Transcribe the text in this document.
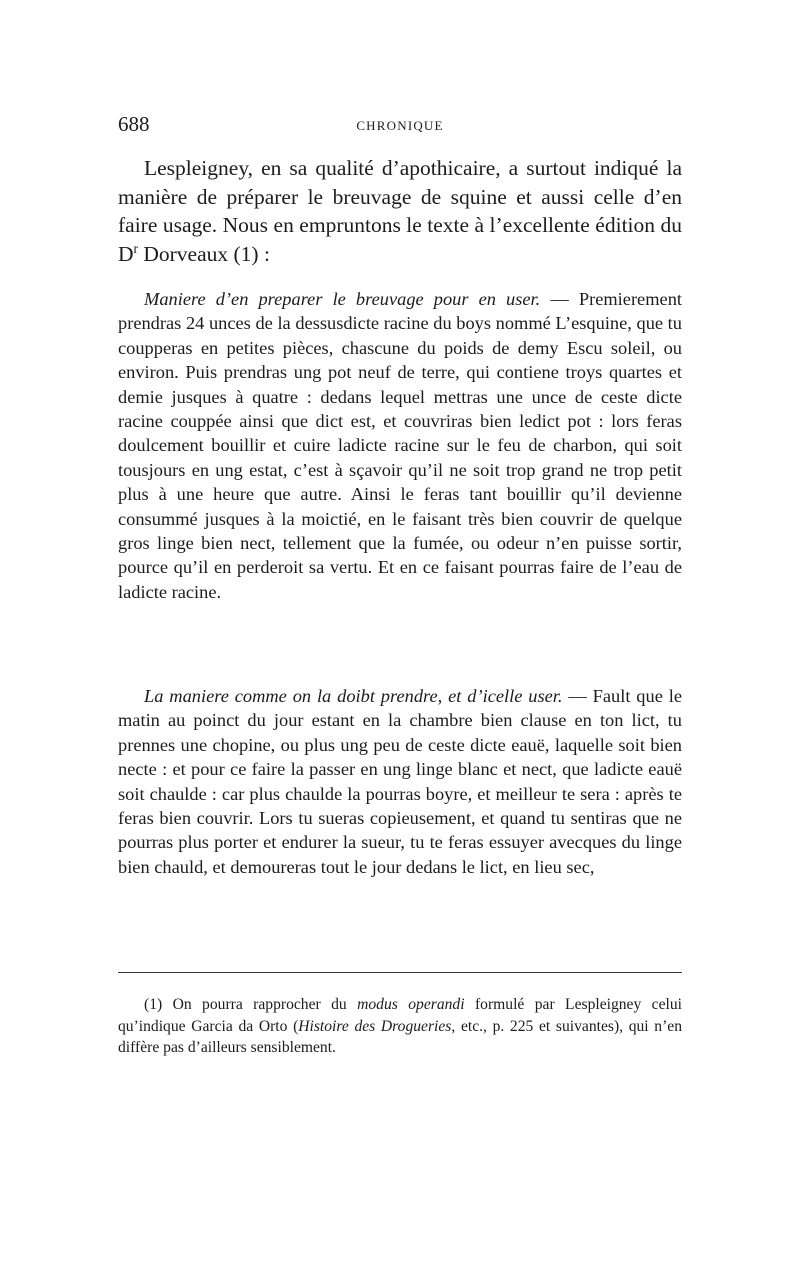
688	CHRONIQUE

Lespleigney, en sa qualité d’apothicaire, a surtout indiqué la manière de préparer le breuvage de squine et aussi celle d’en faire usage. Nous en empruntons le texte à l’excellente édition du $D^r$ Dorveaux (1) :

Maniere d’en preparer le breuvage pour en user. — Premierement prendras 24 unces de la dessusdicte racine du boys nommé L’esquine, que tu coupperas en petites pièces, chascune du poids de demy Escu soleil, ou environ. Puis prendras ung pot neuf de terre, qui contiene troys quartes et demie jusques à quatre : dedans lequel mettras une unce de ceste dicte racine couppée ainsi que dict est, et couvriras bien ledict pot : lors feras doulcement bouillir et cuire ladicte racine sur le feu de charbon, qui soit tousjours en ung estat, c’est à sçavoir qu’il ne soit trop grand ne trop petit plus à une heure que autre. Ainsi le feras tant bouillir qu’il devienne consummé jusques à la moictié, en le faisant très bien couvrir de quelque gros linge bien nect, tellement que la fumée, ou odeur n’en puisse sortir, pource qu’il en perderoit sa vertu. Et en ce faisant pourras faire de l’eau de ladicte racine.

La maniere comme on la doibt prendre, et d’icelle user. — Fault que le matin au poinct du jour estant en la chambre bien clause en ton lict, tu prennes une chopine, ou plus ung peu de ceste dicte eauë, laquelle soit bien necte : et pour ce faire la passer en ung linge blanc et nect, que ladicte eauë soit chaulde : car plus chaulde la pourras boyre, et meilleur te sera : après te feras bien couvrir. Lors tu sueras copieusement, et quand tu sentiras que ne pourras plus porter et endurer la sueur, tu te feras essuyer avecques du linge bien chauld, et demoureras tout le jour dedans le lict, en lieu sec,

(1) On pourra rapprocher du modus operandi formulé par Lespleigney celui qu’indique Garcia da Orto (Histoire des Drogueries, etc., p. 225 et suivantes), qui n’en diffère pas d’ailleurs sensiblement.
